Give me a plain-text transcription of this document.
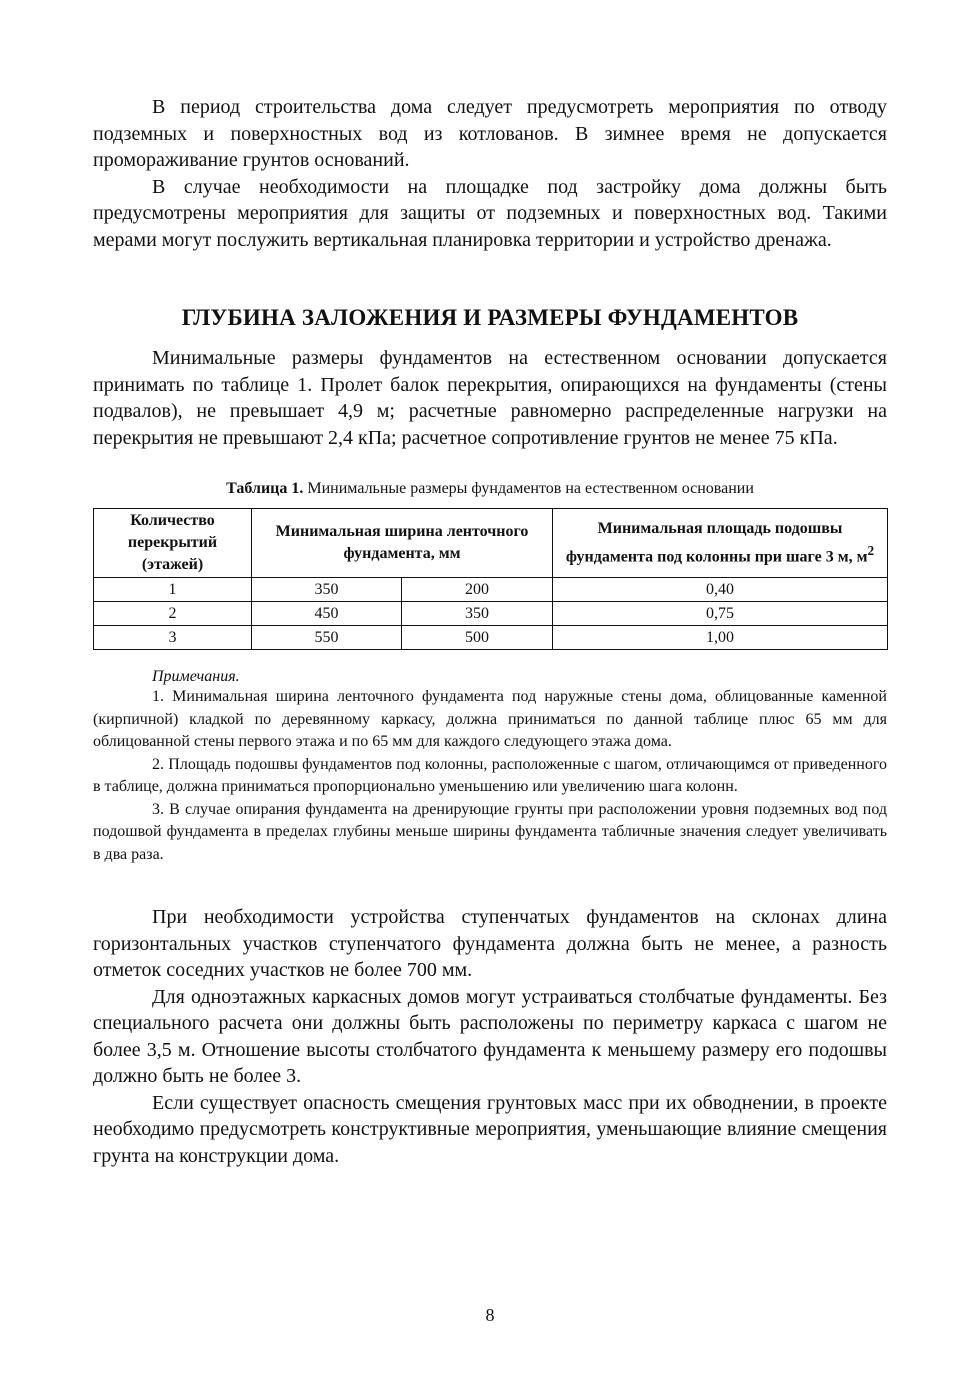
В период строительства дома следует предусмотреть мероприятия по отводу подземных и поверхностных вод из котлованов. В зимнее время не допускается промораживание грунтов оснований.

В случае необходимости на площадке под застройку дома должны быть предусмотрены мероприятия для защиты от подземных и поверхностных вод. Такими мерами могут послужить вертикальная планировка территории и устройство дренажа.

ГЛУБИНА ЗАЛОЖЕНИЯ И РАЗМЕРЫ ФУНДАМЕНТОВ

Минимальные размеры фундаментов на естественном основании допускается принимать по таблице 1. Пролет балок перекрытия, опирающихся на фундаменты (стены подвалов), не превышает 4,9 м; расчетные равномерно распределенные нагрузки на перекрытия не превышают 2,4 кПа; расчетное сопротивление грунтов не менее 75 кПа.

Таблица 1. Минимальные размеры фундаментов на естественном основании

Количество перекрытий (этажей)	Минимальная ширина ленточного фундамента, мм		Минимальная площадь подошвы фундамента под колонны при шаге 3 м, $м^2$
1	350	200	0,40
2	450	350	0,75
3	550	500	1,00

Примечания.

1. Минимальная ширина ленточного фундамента под наружные стены дома, облицованные каменной (кирпичной) кладкой по деревянному каркасу, должна приниматься по данной таблице плюс 65 мм для облицованной стены первого этажа и по 65 мм для каждого следующего этажа дома.

2. Площадь подошвы фундаментов под колонны, расположенные с шагом, отличающимся от приведенного в таблице, должна приниматься пропорционально уменьшению или увеличению шага колонн.

3. В случае опирания фундамента на дренирующие грунты при расположении уровня подземных вод под подошвой фундамента в пределах глубины меньше ширины фундамента табличные значения следует увеличивать в два раза.

При необходимости устройства ступенчатых фундаментов на склонах длина горизонтальных участков ступенчатого фундамента должна быть не менее, а разность отметок соседних участков не более 700 мм.

Для одноэтажных каркасных домов могут устраиваться столбчатые фундаменты. Без специального расчета они должны быть расположены по периметру каркаса с шагом не более 3,5 м. Отношение высоты столбчатого фундамента к меньшему размеру его подошвы должно быть не более 3.

Если существует опасность смещения грунтовых масс при их обводнении, в проекте необходимо предусмотреть конструктивные мероприятия, уменьшающие влияние смещения грунта на конструкции дома.

8
